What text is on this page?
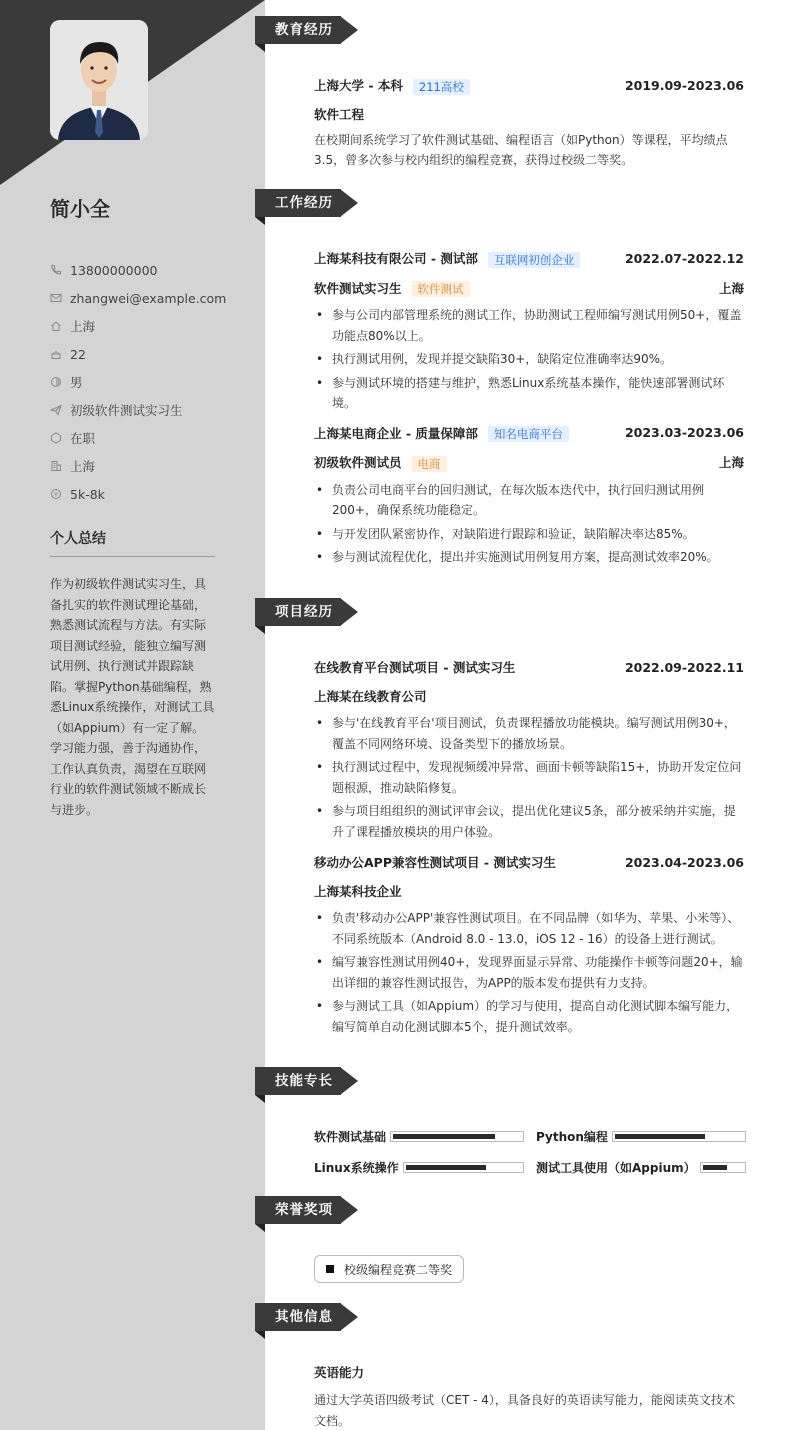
简小全
13800000000
zhangwei@example.com
上海
22
男
初级软件测试实习生
在职
上海
¥ 5k-8k
个人总结
作为初级软件测试实习生，具备扎实的软件测试理论基础，熟悉测试流程与方法。有实际项目测试经验，能独立编写测试用例、执行测试并跟踪缺陷。掌握Python基础编程，熟悉Linux系统操作，对测试工具（如Appium）有一定了解。学习能力强，善于沟通协作，工作认真负责，渴望在互联网行业的软件测试领域不断成长与进步。
教育经历
上海大学 - 本科 211高校	2019.09-2023.06
软件工程
在校期间系统学习了软件测试基础、编程语言（如Python）等课程，平均绩点3.5，曾多次参与校内组织的编程竞赛，获得过校级二等奖。
工作经历
上海某科技有限公司 - 测试部 互联网初创企业	2022.07-2022.12
软件测试实习生 软件测试	上海
• 参与公司内部管理系统的测试工作，协助测试工程师编写测试用例50+，覆盖功能点80%以上。
• 执行测试用例，发现并提交缺陷30+，缺陷定位准确率达90%。
• 参与测试环境的搭建与维护，熟悉Linux系统基本操作，能快速部署测试环境。
上海某电商企业 - 质量保障部 知名电商平台	2023.03-2023.06
初级软件测试员 电商	上海
• 负责公司电商平台的回归测试，在每次版本迭代中，执行回归测试用例200+，确保系统功能稳定。
• 与开发团队紧密协作，对缺陷进行跟踪和验证，缺陷解决率达85%。
• 参与测试流程优化，提出并实施测试用例复用方案，提高测试效率20%。
项目经历
在线教育平台测试项目 - 测试实习生	2022.09-2022.11
上海某在线教育公司
• 参与'在线教育平台'项目测试，负责课程播放功能模块。编写测试用例30+，覆盖不同网络环境、设备类型下的播放场景。
• 执行测试过程中，发现视频缓冲异常、画面卡顿等缺陷15+，协助开发定位问题根源，推动缺陷修复。
• 参与项目组组织的测试评审会议，提出优化建议5条，部分被采纳并实施，提升了课程播放模块的用户体验。
移动办公APP兼容性测试项目 - 测试实习生	2023.04-2023.06
上海某科技企业
• 负责'移动办公APP'兼容性测试项目。在不同品牌（如华为、苹果、小米等）、不同系统版本（Android 8.0 - 13.0，iOS 12 - 16）的设备上进行测试。
• 编写兼容性测试用例40+，发现界面显示异常、功能操作卡顿等问题20+，输出详细的兼容性测试报告，为APP的版本发布提供有力支持。
• 参与测试工具（如Appium）的学习与使用，提高自动化测试脚本编写能力，编写简单自动化测试脚本5个，提升测试效率。
技能专长
软件测试基础	Python编程
Linux系统操作	测试工具使用（如Appium）
荣誉奖项
校级编程竞赛二等奖
其他信息
英语能力
通过大学英语四级考试（CET - 4），具备良好的英语读写能力，能阅读英文技术文档。
